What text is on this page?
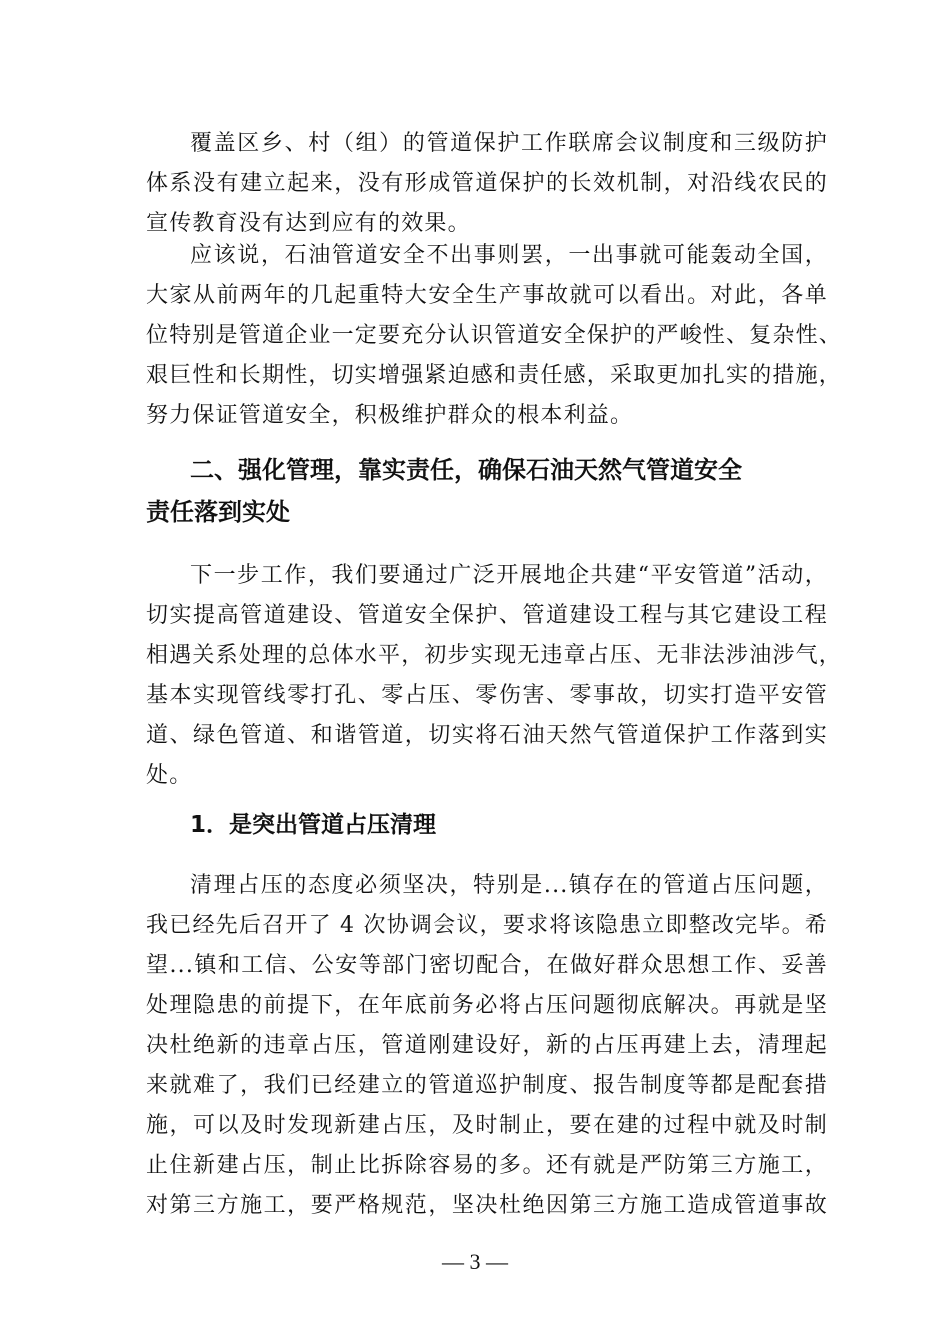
覆盖区乡、村（组）的管道保护工作联席会议制度和三级防护
体系没有建立起来，没有形成管道保护的长效机制，对沿线农民的
宣传教育没有达到应有的效果。
应该说，石油管道安全不出事则罢，一出事就可能轰动全国，
大家从前两年的几起重特大安全生产事故就可以看出。对此，各单
位特别是管道企业一定要充分认识管道安全保护的严峻性、复杂性、
艰巨性和长期性，切实增强紧迫感和责任感，采取更加扎实的措施，
努力保证管道安全，积极维护群众的根本利益。
二、强化管理，靠实责任，确保石油天然气管道安全
责任落到实处
下一步工作，我们要通过广泛开展地企共建“平安管道”活动，
切实提高管道建设、管道安全保护、管道建设工程与其它建设工程
相遇关系处理的总体水平，初步实现无违章占压、无非法涉油涉气，
基本实现管线零打孔、零占压、零伤害、零事故，切实打造平安管
道、绿色管道、和谐管道，切实将石油天然气管道保护工作落到实
处。
1．是突出管道占压清理
清理占压的态度必须坚决，特别是...镇存在的管道占压问题，
我已经先后召开了 4 次协调会议，要求将该隐患立即整改完毕。希
望...镇和工信、公安等部门密切配合，在做好群众思想工作、妥善
处理隐患的前提下，在年底前务必将占压问题彻底解决。再就是坚
决杜绝新的违章占压，管道刚建设好，新的占压再建上去，清理起
来就难了，我们已经建立的管道巡护制度、报告制度等都是配套措
施，可以及时发现新建占压，及时制止，要在建的过程中就及时制
止住新建占压，制止比拆除容易的多。还有就是严防第三方施工，
对第三方施工，要严格规范，坚决杜绝因第三方施工造成管道事故
— 3 —
